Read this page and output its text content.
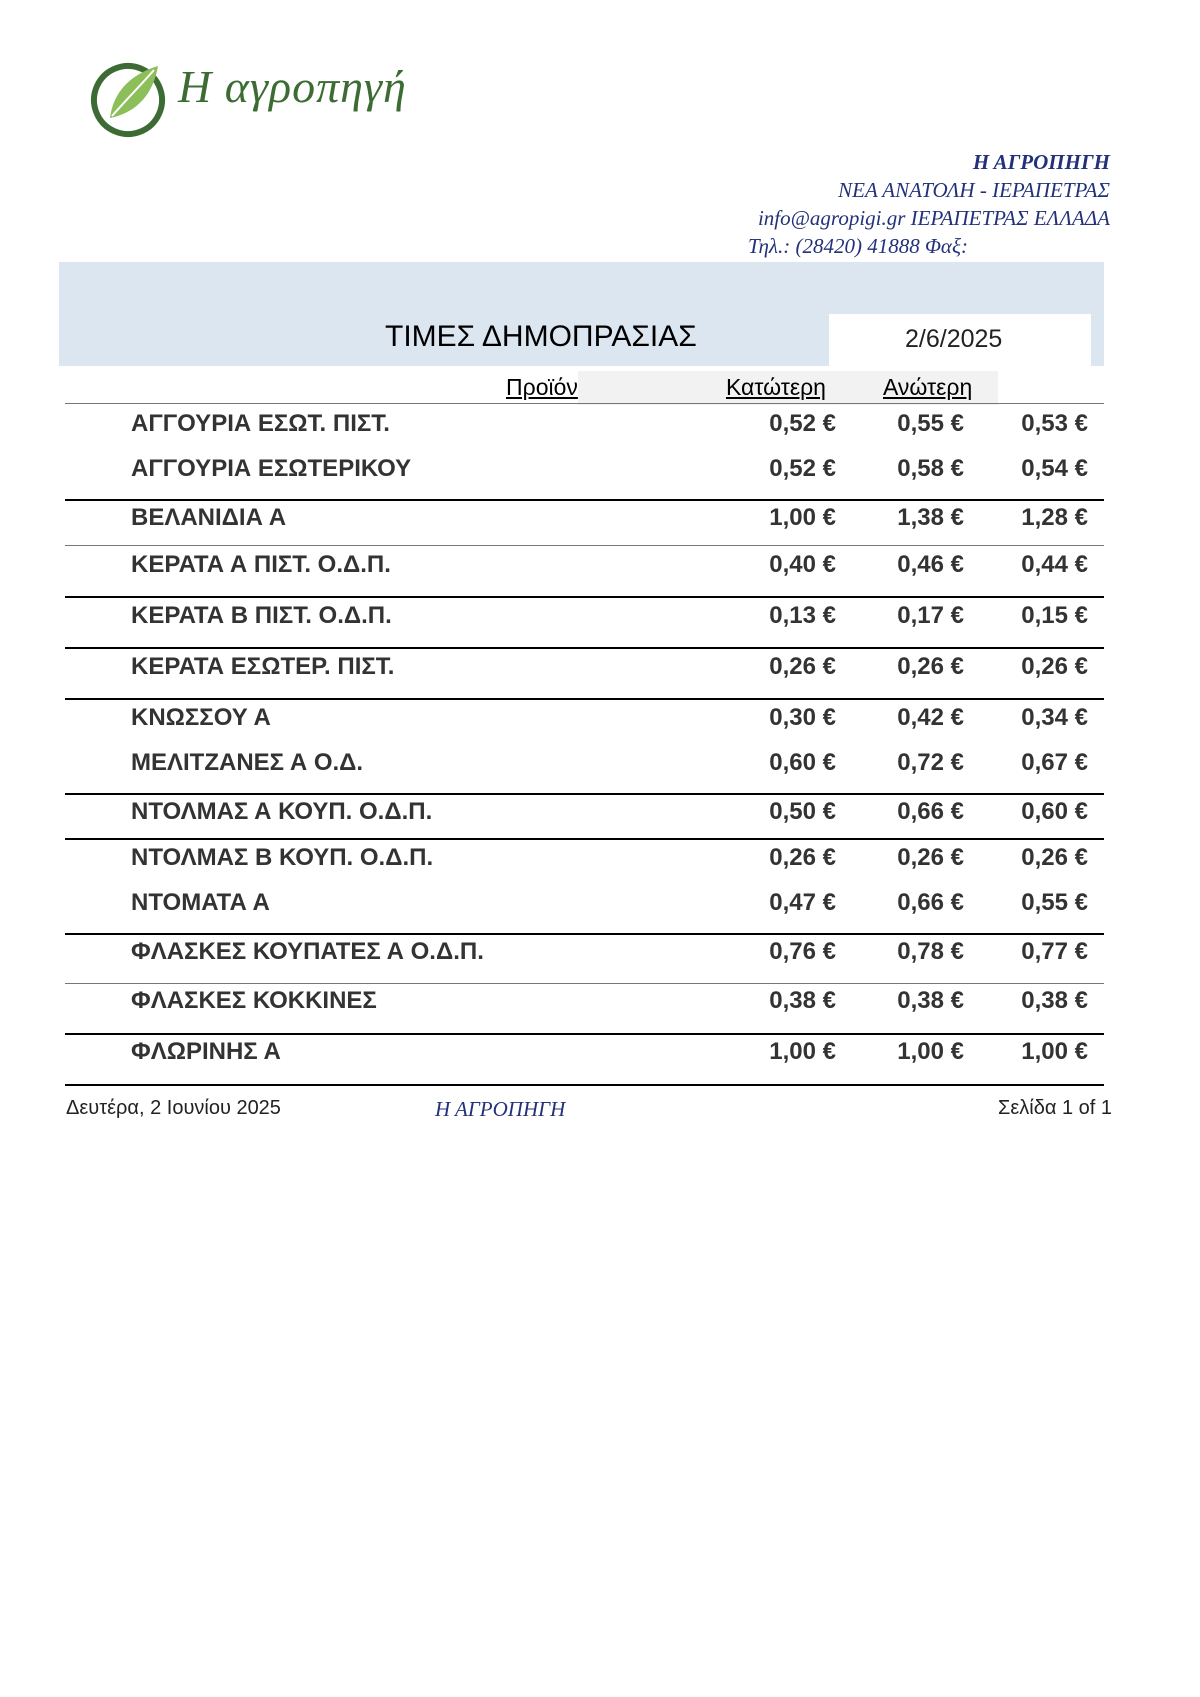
Η αγροπηγή
Η ΑΓΡΟΠΗΓΗ
ΝΕΑ ΑΝΑΤΟΛΗ - ΙΕΡΑΠΕΤΡΑΣ
info@agropigi.gr ΙΕΡΑΠΕΤΡΑΣ ΕΛΛΑΔΑ
Τηλ.: (28420) 41888 Φαξ:
ΤΙΜΕΣ ΔΗΜΟΠΡΑΣΙΑΣ	2/6/2025
Προϊόν	Κατώτερη Ανώτερη
ΑΓΓΟΥΡΙΑ ΕΣΩΤ. ΠΙΣΤ.	0,52 €	0,55 € 0,53 €
ΑΓΓΟΥΡΙΑ ΕΣΩΤΕΡΙΚΟΥ	0,52 €	0,58 € 0,54 €
ΒΕΛΑΝΙΔΙΑ Α	1,00 €	1,38 € 1,28 €
ΚΕΡΑΤΑ Α ΠΙΣΤ. Ο.Δ.Π.	0,40 €	0,46 € 0,44 €
ΚΕΡΑΤΑ Β ΠΙΣΤ. Ο.Δ.Π.	0,13 €	0,17 € 0,15 €
ΚΕΡΑΤΑ ΕΣΩΤΕΡ. ΠΙΣΤ.	0,26 €	0,26 € 0,26 €
ΚΝΩΣΣΟΥ Α	0,30 €	0,42 € 0,34 €
ΜΕΛΙΤΖΑΝΕΣ Α Ο.Δ.	0,60 €	0,72 € 0,67 €
ΝΤΟΛΜΑΣ Α ΚΟΥΠ. Ο.Δ.Π.	0,50 €	0,66 € 0,60 €
ΝΤΟΛΜΑΣ Β ΚΟΥΠ. Ο.Δ.Π.	0,26 €	0,26 € 0,26 €
ΝΤΟΜΑΤΑ Α	0,47 €	0,66 € 0,55 €
ΦΛΑΣΚΕΣ ΚΟΥΠΑΤΕΣ Α Ο.Δ.Π.	0,76 €	0,78 € 0,77 €
ΦΛΑΣΚΕΣ ΚΟΚΚΙΝΕΣ	0,38 €	0,38 € 0,38 €
ΦΛΩΡΙΝΗΣ Α	1,00 €	1,00 € 1,00 €
Δευτέρα, 2 Ιουνίου 2025	Η ΑΓΡΟΠΗΓΗ	Σελίδα 1 of 1
